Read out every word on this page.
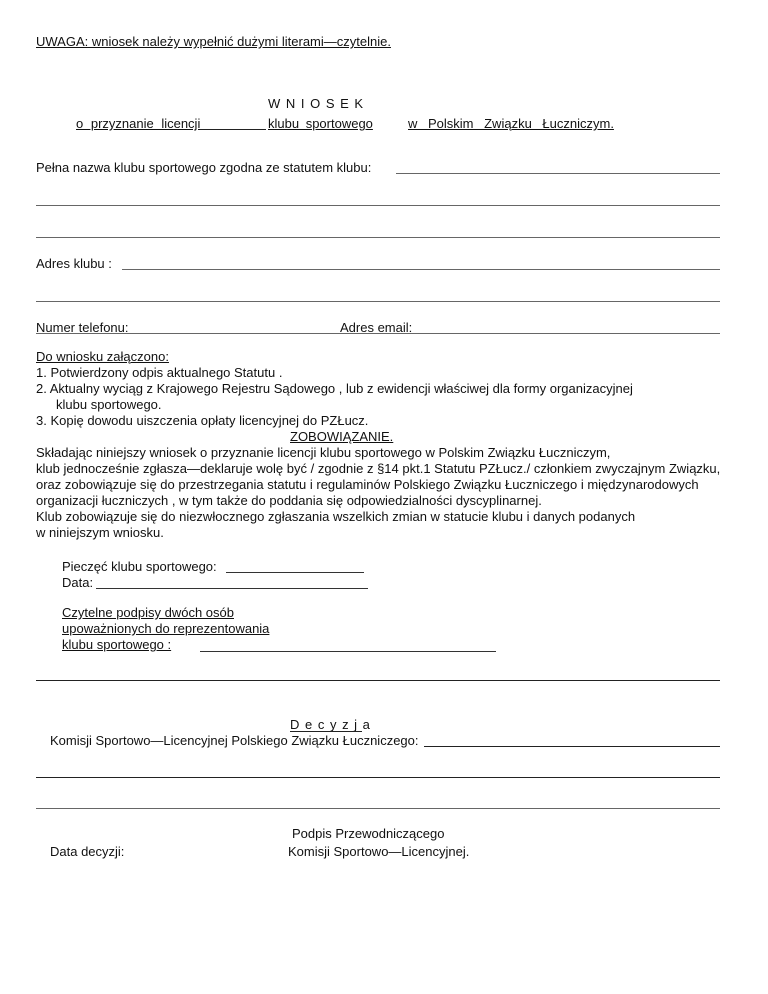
UWAGA: wniosek należy wypełnić dużymi literami—czytelnie.
W N I O S E K
o przyznanie licencji	klubu sportowego	w Polskim Związku Łuczniczym.
Pełna nazwa klubu sportowego zgodna ze statutem klubu:
Adres klubu :
Numer telefonu:	Adres email:
Do wniosku załączono:
1. Potwierdzony odpis aktualnego Statutu .
2. Aktualny wyciąg z Krajowego Rejestru Sądowego , lub z ewidencji właściwej dla formy organizacyjnej
klubu sportowego.
3. Kopię dowodu uiszczenia opłaty licencyjnej do PZŁucz.
ZOBOWIĄZANIE.
Składając niniejszy wniosek o przyznanie licencji klubu sportowego w Polskim Związku Łuczniczym,
klub jednocześnie zgłasza—deklaruje wolę być / zgodnie z §14 pkt.1 Statutu PZŁucz./ członkiem zwyczajnym Związku,
oraz zobowiązuje się do przestrzegania statutu i regulaminów Polskiego Związku Łuczniczego i międzynarodowych
organizacji łuczniczych , w tym także do poddania się odpowiedzialności dyscyplinarnej.
Klub zobowiązuje się do niezwłocznego zgłaszania wszelkich zmian w statucie klubu i danych podanych
w niniejszym wniosku.
Pieczęć klubu sportowego:
Data:
Czytelne podpisy dwóch osób
upoważnionych do reprezentowania
klubu sportowego :
D e c y z j a
Komisji Sportowo—Licencyjnej Polskiego Związku Łuczniczego:
Podpis Przewodniczącego
Data decyzji:	Komisji Sportowo—Licencyjnej.
